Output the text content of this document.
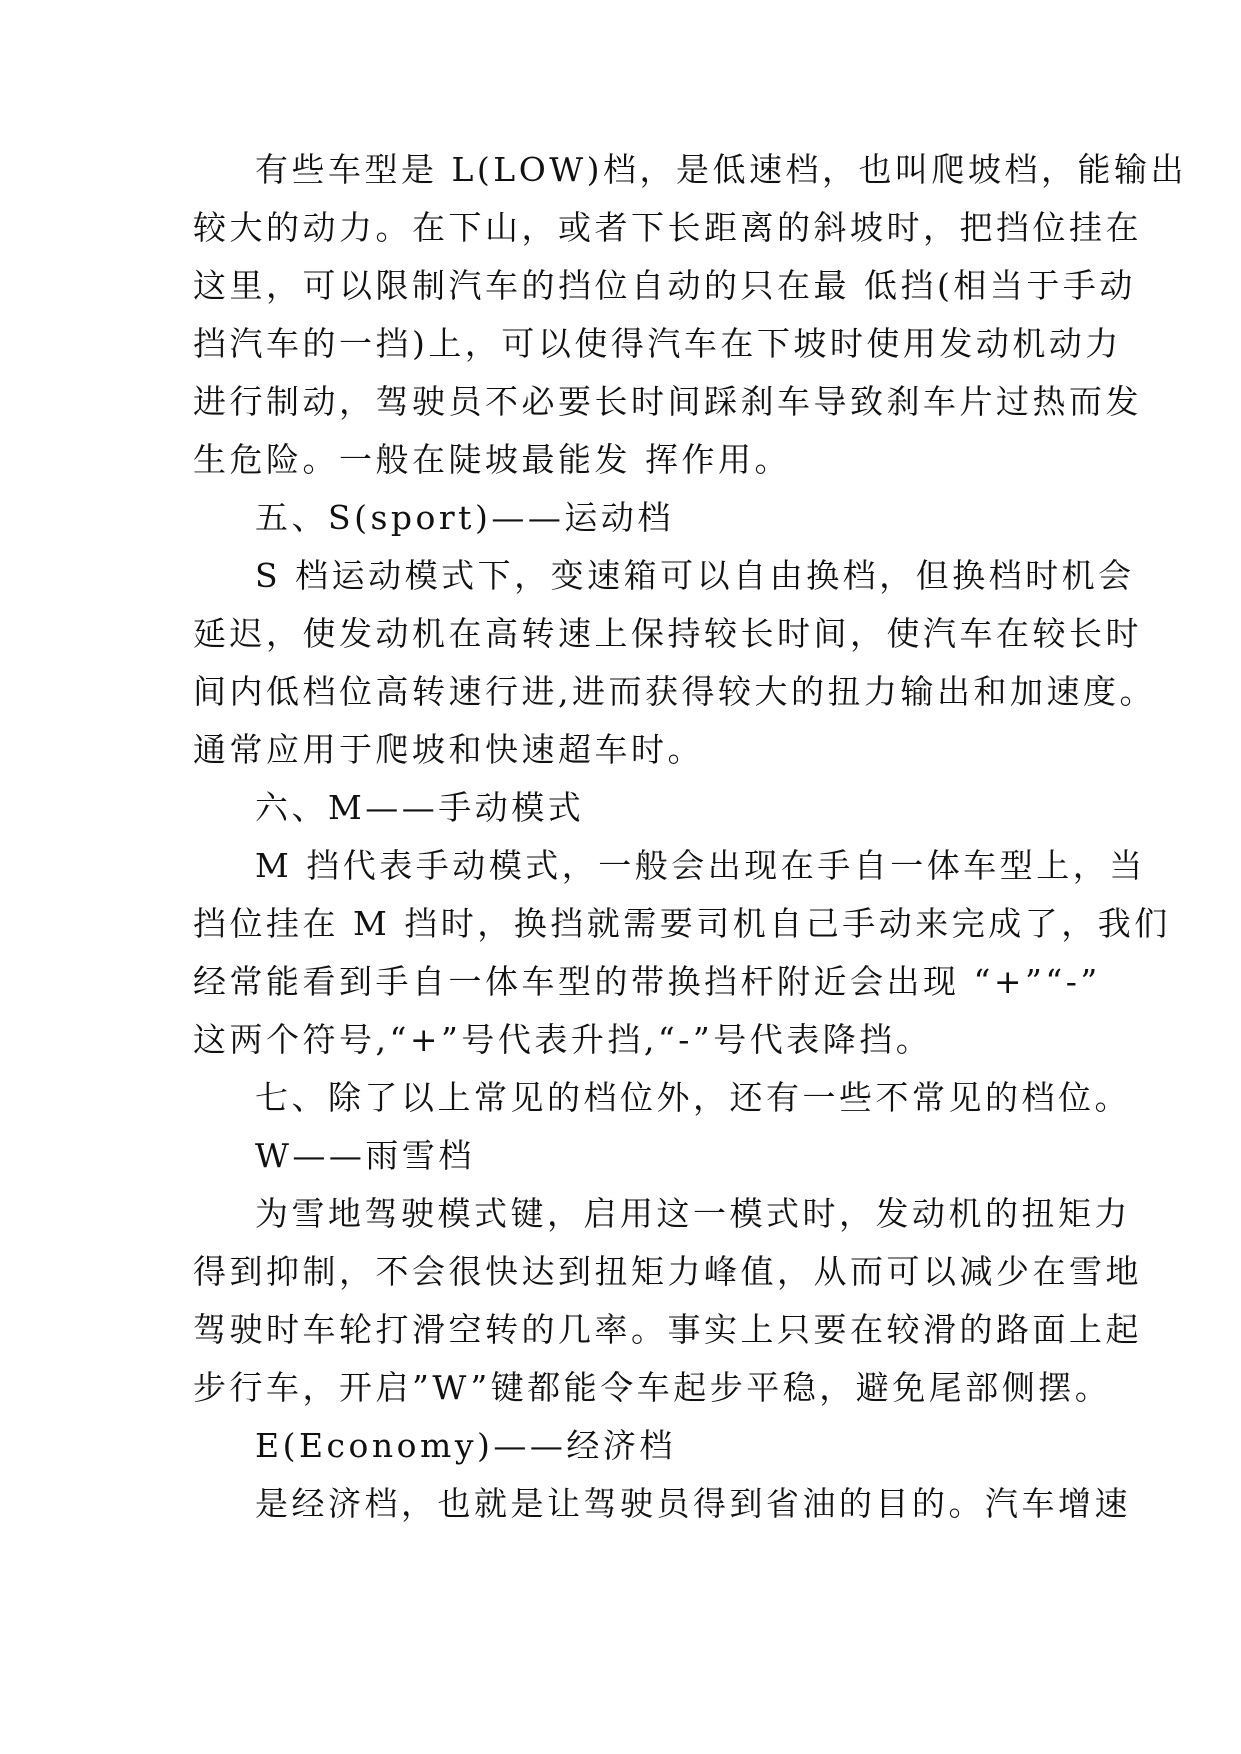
有些车型是 L(LOW)档，是低速档，也叫爬坡档，能输出
较大的动力。在下山，或者下长距离的斜坡时，把挡位挂在
这里，可以限制汽车的挡位自动的只在最 低挡(相当于手动
挡汽车的一挡)上，可以使得汽车在下坡时使用发动机动力
进行制动，驾驶员不必要长时间踩刹车导致刹车片过热而发
生危险。一般在陡坡最能发 挥作用。
五、S(sport)——运动档
S 档运动模式下，变速箱可以自由换档，但换档时机会
延迟，使发动机在高转速上保持较长时间，使汽车在较长时
间内低档位高转速行进,进而获得较大的扭力输出和加速度。
通常应用于爬坡和快速超车时。
六、M——手动模式
M 挡代表手动模式，一般会出现在手自一体车型上，当
挡位挂在 M 挡时，换挡就需要司机自己手动来完成了，我们
经常能看到手自一体车型的带换挡杆附近会出现 “+”“-”
这两个符号,“+”号代表升挡,“-”号代表降挡。
七、除了以上常见的档位外，还有一些不常见的档位。
W——雨雪档
为雪地驾驶模式键，启用这一模式时，发动机的扭矩力
得到抑制，不会很快达到扭矩力峰值，从而可以减少在雪地
驾驶时车轮打滑空转的几率。事实上只要在较滑的路面上起
步行车，开启”W”键都能令车起步平稳，避免尾部侧摆。
E(Economy)——经济档
是经济档，也就是让驾驶员得到省油的目的。汽车增速
